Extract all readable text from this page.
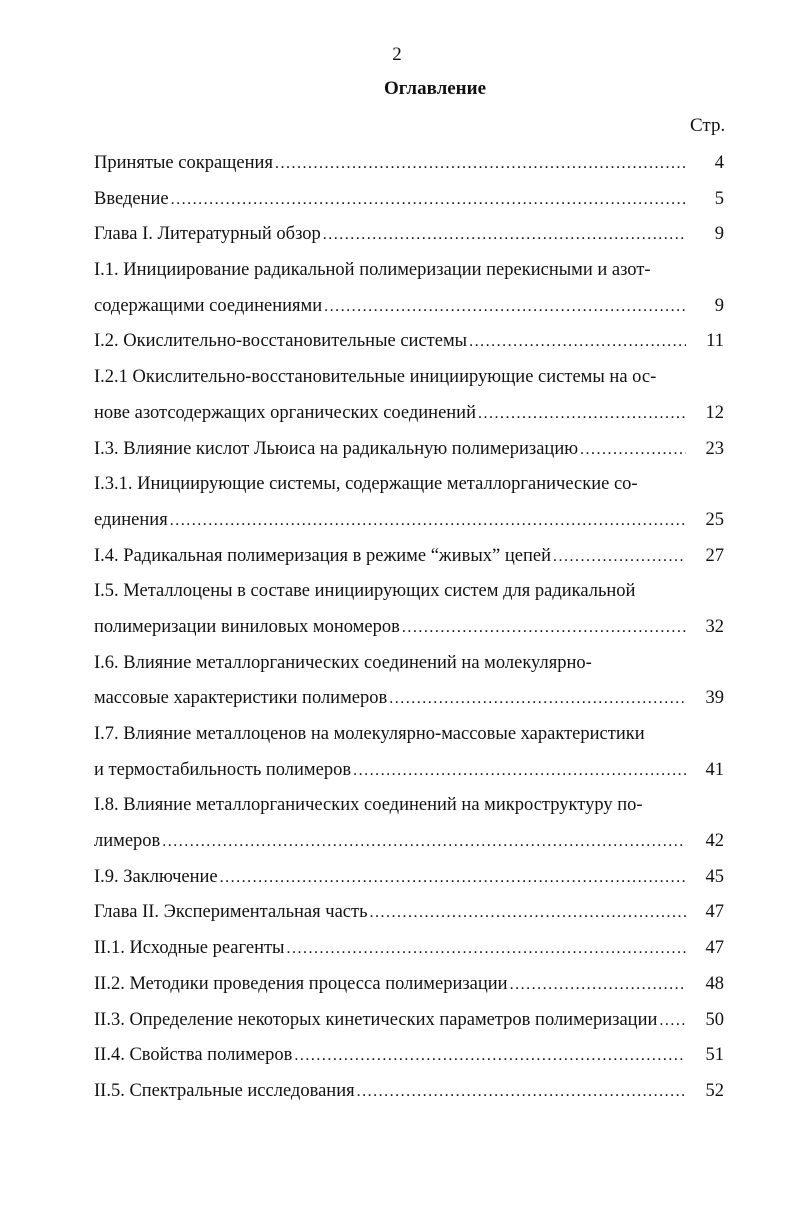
2
Оглавление
Стр.
Принятые сокращения .....	4
Введение .....	5
Глава I. Литературный обзор .....	9
I.1. Инициирование радикальной полимеризации перекисными и азот-
содержащими соединениями .....	9
I.2. Окислительно-восстановительные системы .....	11
I.2.1 Окислительно-восстановительные инициирующие системы на ос-
нове азотсодержащих органических соединений .....	12
I.3. Влияние кислот Льюиса на радикальную полимеризацию .....	23
I.3.1. Инициирующие системы, содержащие металлорганические со-
единения .....	25
I.4. Радикальная полимеризация в режиме “живых” цепей .....	27
I.5. Металлоцены в составе инициирующих систем для радикальной
полимеризации виниловых мономеров .....	32
I.6. Влияние металлорганических соединений на молекулярно-
массовые характеристики полимеров .....	39
I.7. Влияние металлоценов на молекулярно-массовые характеристики
и термостабильность полимеров .....	41
I.8. Влияние металлорганических соединений на микроструктуру по-
лимеров .....	42
I.9. Заключение .....	45
Глава II. Экспериментальная часть .....	47
II.1. Исходные реагенты .....	47
II.2. Методики проведения процесса полимеризации .....	48
II.3. Определение некоторых кинетических параметров полимеризации .....	50
II.4. Свойства полимеров .....	51
II.5. Спектральные исследования .....	52
